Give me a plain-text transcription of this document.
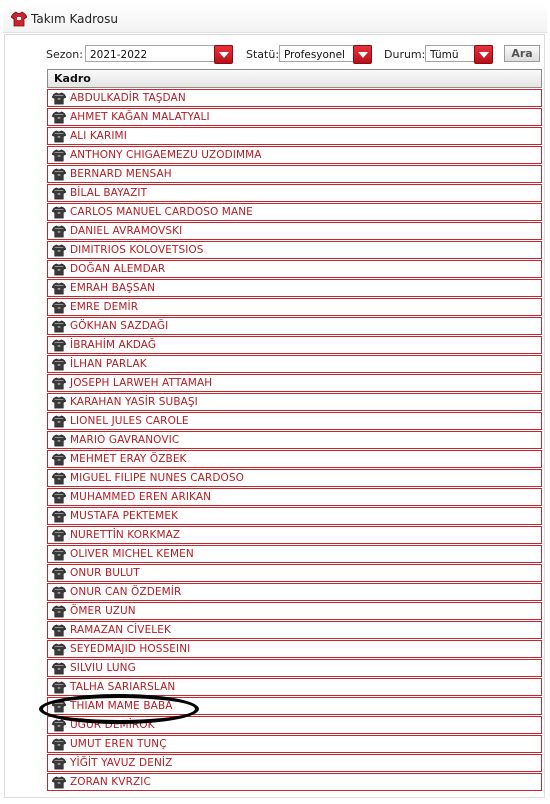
Takım Kadrosu
Sezon: 2021-2022	Statü: Profesyonel	Durum: Tümü	Ara
Kadro
ABDULKADİR TAŞDAN
AHMET KAĞAN MALATYALI
ALI KARIMI
ANTHONY CHIGAEMEZU UZODIMMA
BERNARD MENSAH
BİLAL BAYAZIT
CARLOS MANUEL CARDOSO MANE
DANIEL AVRAMOVSKI
DIMITRIOS KOLOVETSIOS
DOĞAN ALEMDAR
EMRAH BAŞSAN
EMRE DEMİR
GÖKHAN SAZDAĞI
İBRAHİM AKDAĞ
İLHAN PARLAK
JOSEPH LARWEH ATTAMAH
KARAHAN YASİR SUBAŞI
LIONEL JULES CAROLE
MARIO GAVRANOVIC
MEHMET ERAY ÖZBEK
MIGUEL FILIPE NUNES CARDOSO
MUHAMMED EREN ARIKAN
MUSTAFA PEKTEMEK
NURETTİN KORKMAZ
OLIVER MICHEL KEMEN
ONUR BULUT
ONUR CAN ÖZDEMİR
ÖMER UZUN
RAMAZAN CİVELEK
SEYEDMAJID HOSSEINI
SILVIU LUNG
TALHA SARIARSLAN
THIAM MAME BABA
UĞUR DEMİROK
UMUT EREN TUNÇ
YİĞİT YAVUZ DENİZ
ZORAN KVRZIC
